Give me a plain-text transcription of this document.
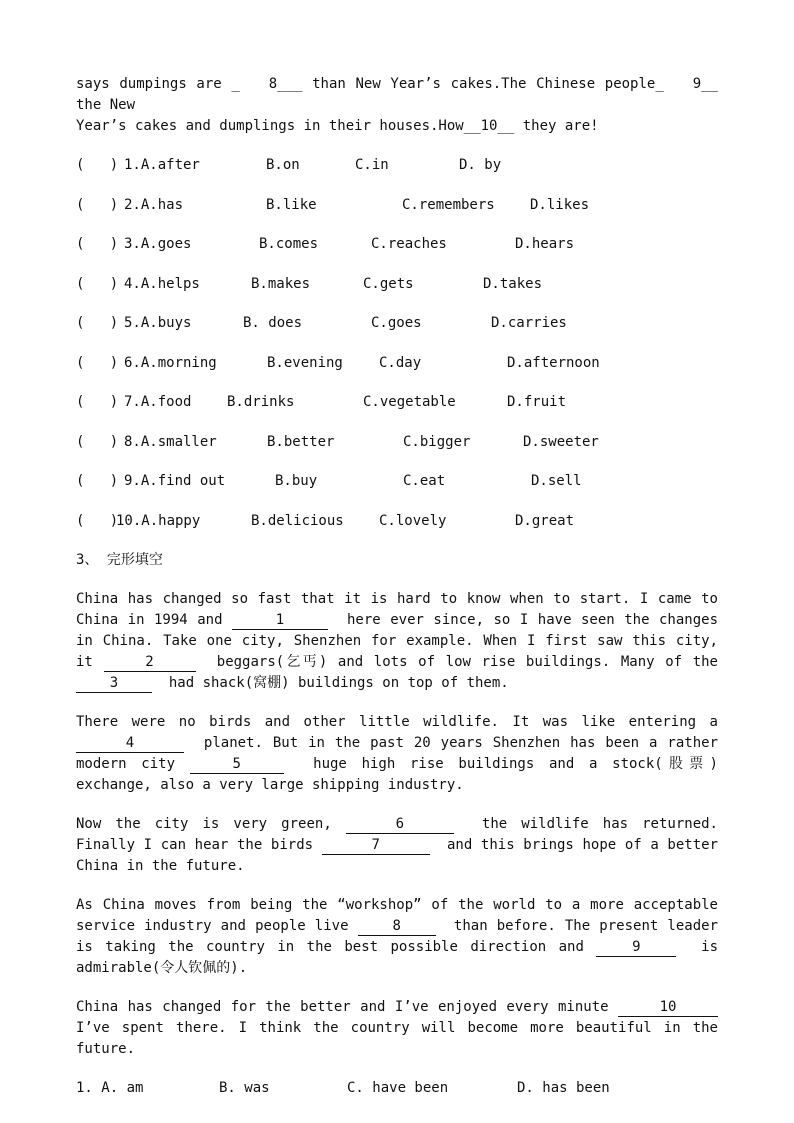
says dumpings are _   8___ than New Year’s cakes.The Chinese people_   9__ the New

Year’s cakes and dumplings in their houses.How__10__ they are!

(   ) 1.A.after	B.on	C.in	D. by
(   ) 2.A.has	B.like	C.remembers	D.likes
(   ) 3.A.goes	B.comes	C.reaches	D.hears
(   ) 4.A.helps	B.makes	C.gets	D.takes
(   ) 5.A.buys	B. does	C.goes	D.carries
(   ) 6.A.morning	B.evening	C.day	D.afternoon
(   ) 7.A.food	B.drinks	C.vegetable	D.fruit
(   ) 8.A.smaller	B.better	C.bigger	D.sweeter
(   ) 9.A.find out	B.buy	C.eat	D.sell
(   )
10.A.happy	B.delicious	C.lovely	D.great

3、 完形填空

China has changed so fast that it is hard to know when to start. I came to China in 1994 and	1	here ever since, so I have seen the changes in China. Take one city, Shenzhen for example. When I first saw this city, it	2	beggars(乞丐) and lots of low rise buildings. Many of the 3  had shack(窝棚) buildings on top of them.

There were no birds and other little wildlife. It was like entering a 4	planet. But in the past 20 years Shenzhen has been a rather modern city	5	huge high rise buildings and a stock(股票) exchange, also a very large shipping industry.

Now the city is very green,	6	the wildlife has returned. Finally I can hear the birds	7	and this brings hope of a better China in the future.

As China moves from being the “workshop” of the world to a more acceptable service industry and people live 8  than before. The present leader is taking the country in the best possible direction and	9	is admirable(令人钦佩的).

China has changed for the better and I’ve enjoyed every minute	10	I’ve spent there. I think the country will become more beautiful in the future.

1. A. am	B. was	C. have been	D. has been
